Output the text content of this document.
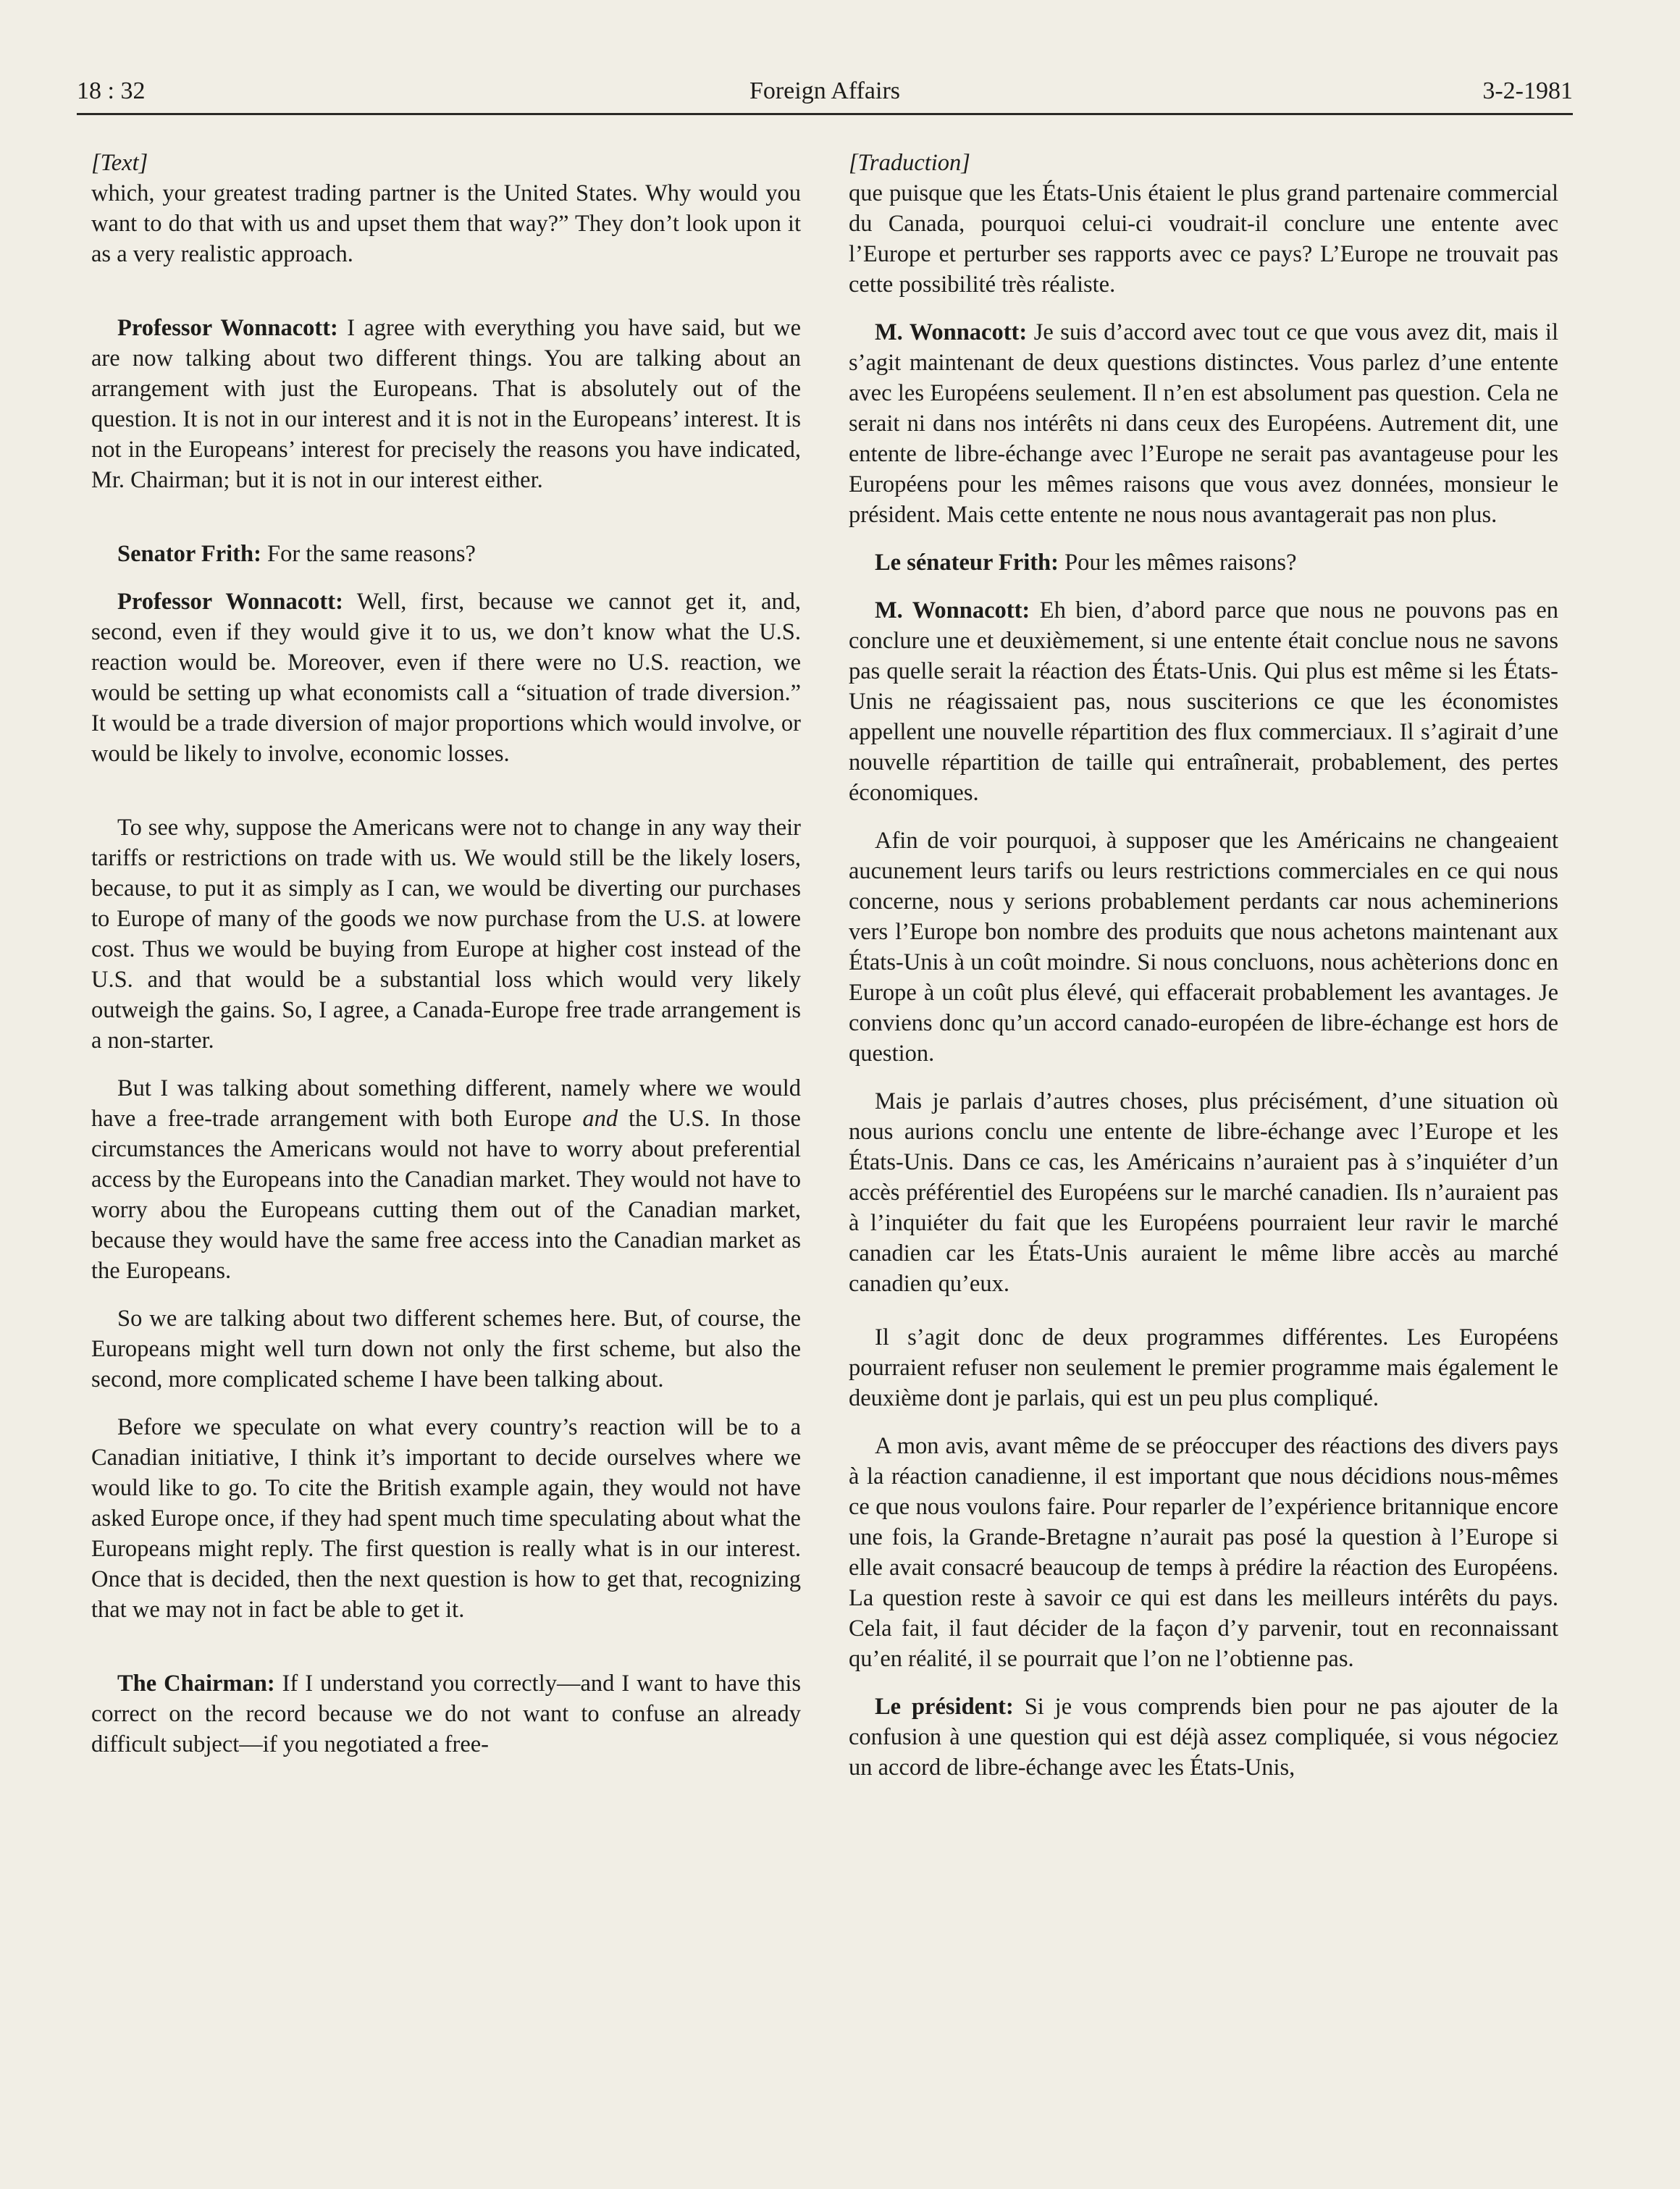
18 : 32	Foreign Affairs	3-2-1981

[Text]

which, your greatest trading partner is the United States. Why would you want to do that with us and upset them that way?” They don’t look upon it as a very realistic approach.

Professor Wonnacott: I agree with everything you have said, but we are now talking about two different things. You are talking about an arrangement with just the Europeans. That is absolutely out of the question. It is not in our interest and it is not in the Europeans’ interest. It is not in the Europeans’ interest for precisely the reasons you have indicated, Mr. Chairman; but it is not in our interest either.

Senator Frith: For the same reasons?

Professor Wonnacott: Well, first, because we cannot get it, and, second, even if they would give it to us, we don’t know what the U.S. reaction would be. Moreover, even if there were no U.S. reaction, we would be setting up what economists call a “situation of trade diversion.” It would be a trade diversion of major proportions which would involve, or would be likely to involve, economic losses.

To see why, suppose the Americans were not to change in any way their tariffs or restrictions on trade with us. We would still be the likely losers, because, to put it as simply as I can, we would be diverting our purchases to Europe of many of the goods we now purchase from the U.S. at lowere cost. Thus we would be buying from Europe at higher cost instead of the U.S. and that would be a substantial loss which would very likely outweigh the gains. So, I agree, a Canada-Europe free trade arrangement is a non-starter.

But I was talking about something different, namely where we would have a free-trade arrangement with both Europe and the U.S. In those circumstances the Americans would not have to worry about preferential access by the Europeans into the Canadian market. They would not have to worry abou the Europeans cutting them out of the Canadian market, because they would have the same free access into the Canadian market as the Europeans.

So we are talking about two different schemes here. But, of course, the Europeans might well turn down not only the first scheme, but also the second, more complicated scheme I have been talking about.

Before we speculate on what every country’s reaction will be to a Canadian initiative, I think it’s important to decide ourselves where we would like to go. To cite the British example again, they would not have asked Europe once, if they had spent much time speculating about what the Europeans might reply. The first question is really what is in our interest. Once that is decided, then the next question is how to get that, recognizing that we may not in fact be able to get it.

The Chairman: If I understand you correctly—and I want to have this correct on the record because we do not want to confuse an already difficult subject—if you negotiated a free-

[Traduction]

que puisque que les États-Unis étaient le plus grand partenaire commercial du Canada, pourquoi celui-ci voudrait-il conclure une entente avec l’Europe et perturber ses rapports avec ce pays? L’Europe ne trouvait pas cette possibilité très réaliste.

M. Wonnacott: Je suis d’accord avec tout ce que vous avez dit, mais il s’agit maintenant de deux questions distinctes. Vous parlez d’une entente avec les Européens seulement. Il n’en est absolument pas question. Cela ne serait ni dans nos intérêts ni dans ceux des Européens. Autrement dit, une entente de libre-échange avec l’Europe ne serait pas avantageuse pour les Européens pour les mêmes raisons que vous avez données, monsieur le président. Mais cette entente ne nous nous avantagerait pas non plus.

Le sénateur Frith: Pour les mêmes raisons?

M. Wonnacott: Eh bien, d’abord parce que nous ne pouvons pas en conclure une et deuxièmement, si une entente était conclue nous ne savons pas quelle serait la réaction des États-Unis. Qui plus est même si les États-Unis ne réagissaient pas, nous susciterions ce que les économistes appellent une nouvelle répartition des flux commerciaux. Il s’agirait d’une nouvelle répartition de taille qui entraînerait, probablement, des pertes économiques.

Afin de voir pourquoi, à supposer que les Américains ne changeaient aucunement leurs tarifs ou leurs restrictions commerciales en ce qui nous concerne, nous y serions probablement perdants car nous acheminerions vers l’Europe bon nombre des produits que nous achetons maintenant aux États-Unis à un coût moindre. Si nous concluons, nous achèterions donc en Europe à un coût plus élevé, qui effacerait probablement les avantages. Je conviens donc qu’un accord canado-européen de libre-échange est hors de question.

Mais je parlais d’autres choses, plus précisément, d’une situation où nous aurions conclu une entente de libre-échange avec l’Europe et les États-Unis. Dans ce cas, les Américains n’auraient pas à s’inquiéter d’un accès préférentiel des Européens sur le marché canadien. Ils n’auraient pas à l’inquiéter du fait que les Européens pourraient leur ravir le marché canadien car les États-Unis auraient le même libre accès au marché canadien qu’eux.

Il s’agit donc de deux programmes différentes. Les Européens pourraient refuser non seulement le premier programme mais également le deuxième dont je parlais, qui est un peu plus compliqué.

A mon avis, avant même de se préoccuper des réactions des divers pays à la réaction canadienne, il est important que nous décidions nous-mêmes ce que nous voulons faire. Pour reparler de l’expérience britannique encore une fois, la Grande-Bretagne n’aurait pas posé la question à l’Europe si elle avait consacré beaucoup de temps à prédire la réaction des Européens. La question reste à savoir ce qui est dans les meilleurs intérêts du pays. Cela fait, il faut décider de la façon d’y parvenir, tout en reconnaissant qu’en réalité, il se pourrait que l’on ne l’obtienne pas.

Le président: Si je vous comprends bien pour ne pas ajouter de la confusion à une question qui est déjà assez compliquée, si vous négociez un accord de libre-échange avec les États-Unis,
